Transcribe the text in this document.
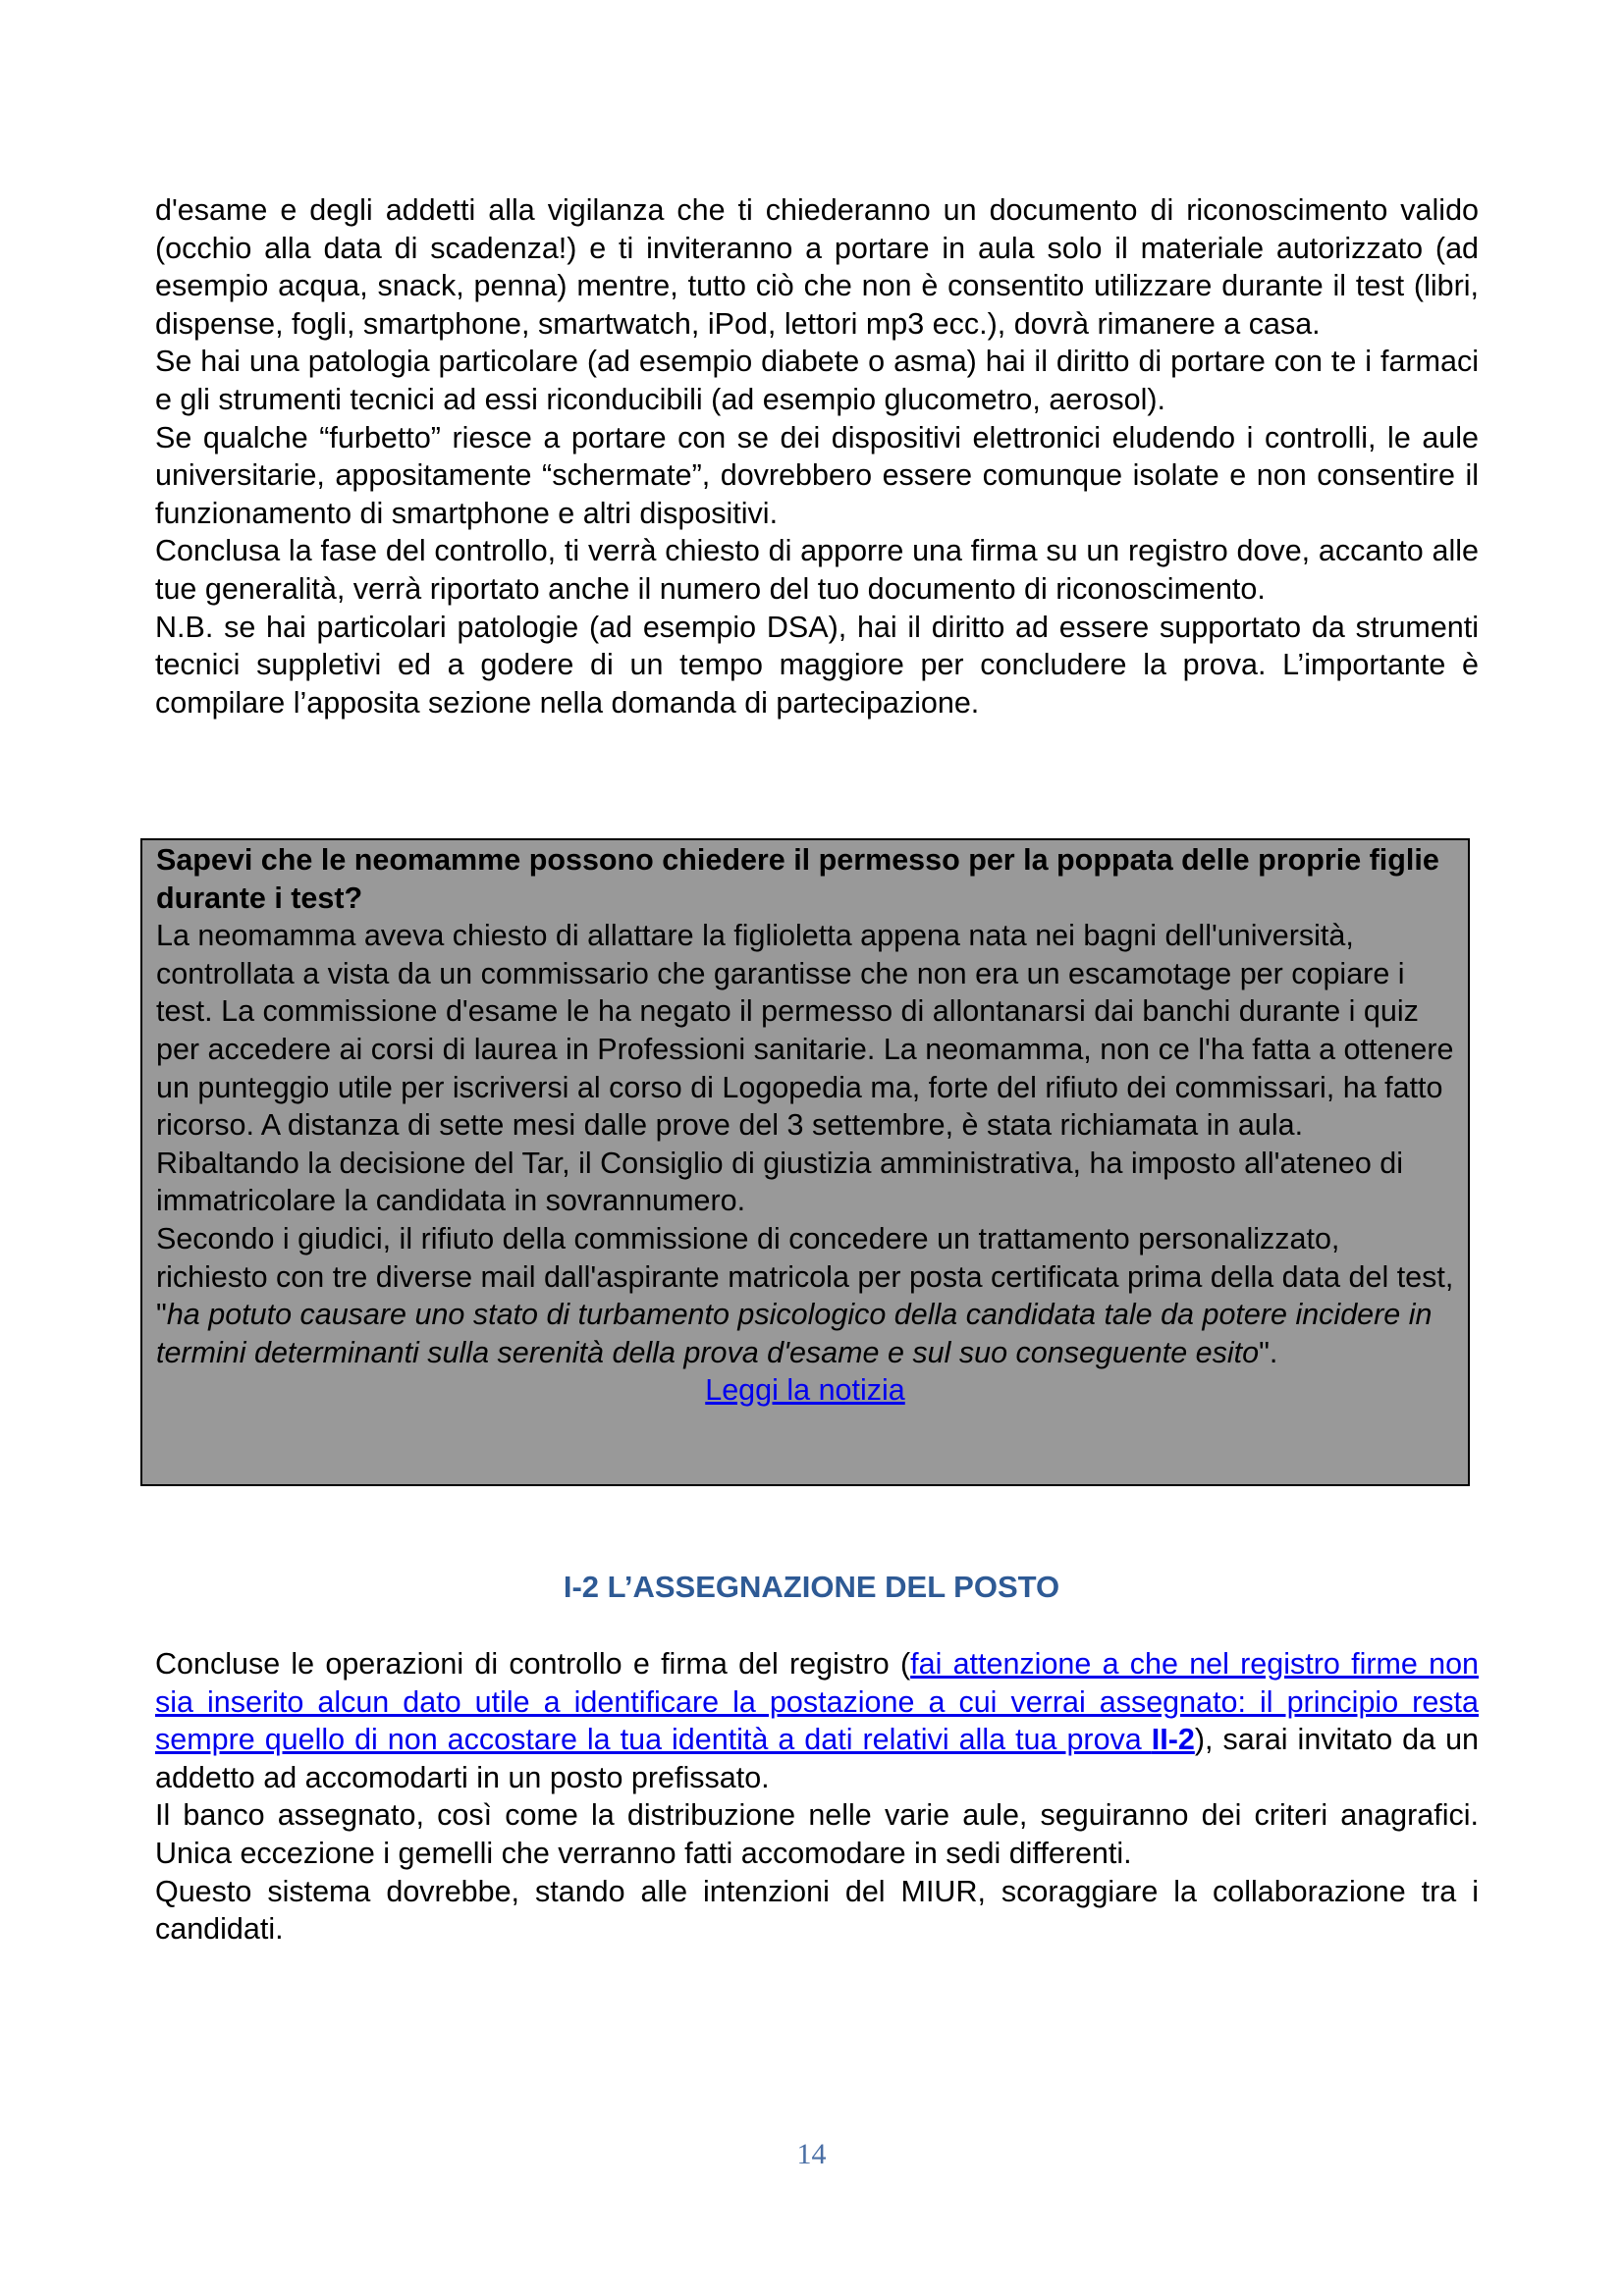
d'esame e degli addetti alla vigilanza che ti chiederanno un documento di riconoscimento valido (occhio alla data di scadenza!) e ti inviteranno a portare in aula solo il materiale autorizzato (ad esempio acqua, snack, penna) mentre, tutto ciò che non è consentito utilizzare durante il test (libri, dispense, fogli, smartphone, smartwatch, iPod, lettori mp3 ecc.), dovrà rimanere a casa.

Se hai una patologia particolare (ad esempio diabete o asma) hai il diritto di portare con te i farmaci e gli strumenti tecnici ad essi riconducibili (ad esempio glucometro, aerosol).

Se qualche “furbetto” riesce a portare con se dei dispositivi elettronici eludendo i controlli, le aule universitarie, appositamente “schermate”, dovrebbero essere comunque isolate e non consentire il funzionamento di smartphone e altri dispositivi.

Conclusa la fase del controllo, ti verrà chiesto di apporre una firma su un registro dove, accanto alle tue generalità, verrà riportato anche il numero del tuo documento di riconoscimento.

N.B. se hai particolari patologie (ad esempio DSA), hai il diritto ad essere supportato da strumenti tecnici suppletivi ed a godere di un tempo maggiore per concludere la prova. L’importante è compilare l’apposita sezione nella domanda di partecipazione.

Sapevi che le neomamme possono chiedere il permesso per la poppata delle proprie figlie durante i test?

La neomamma aveva chiesto di allattare la figlioletta appena nata nei bagni dell'università, controllata a vista da un commissario che garantisse che non era un escamotage per copiare i test. La commissione d'esame le ha negato il permesso di allontanarsi dai banchi durante i quiz per accedere ai corsi di laurea in Professioni sanitarie. La neomamma, non ce l'ha fatta a ottenere un punteggio utile per iscriversi al corso di Logopedia ma, forte del rifiuto dei commissari, ha fatto ricorso. A distanza di sette mesi dalle prove del 3 settembre, è stata richiamata in aula. Ribaltando la decisione del Tar, il Consiglio di giustizia amministrativa, ha imposto all'ateneo di immatricolare la candidata in sovrannumero.

Secondo i giudici, il rifiuto della commissione di concedere un trattamento personalizzato, richiesto con tre diverse mail dall'aspirante matricola per posta certificata prima della data del test, "ha potuto causare uno stato di turbamento psicologico della candidata tale da potere incidere in termini determinanti sulla serenità della prova d'esame e sul suo conseguente esito".

Leggi la notizia

I-2 L’ASSEGNAZIONE DEL POSTO

Concluse le operazioni di controllo e firma del registro (fai attenzione a che nel registro firme non sia inserito alcun dato utile a identificare la postazione a cui verrai assegnato: il principio resta sempre quello di non accostare la tua identità a dati relativi alla tua prova II-2), sarai invitato da un addetto ad accomodarti in un posto prefissato.

Il banco assegnato, così come la distribuzione nelle varie aule, seguiranno dei criteri anagrafici. Unica eccezione i gemelli che verranno fatti accomodare in sedi differenti.

Questo sistema dovrebbe, stando alle intenzioni del MIUR, scoraggiare la collaborazione tra i candidati.

14
